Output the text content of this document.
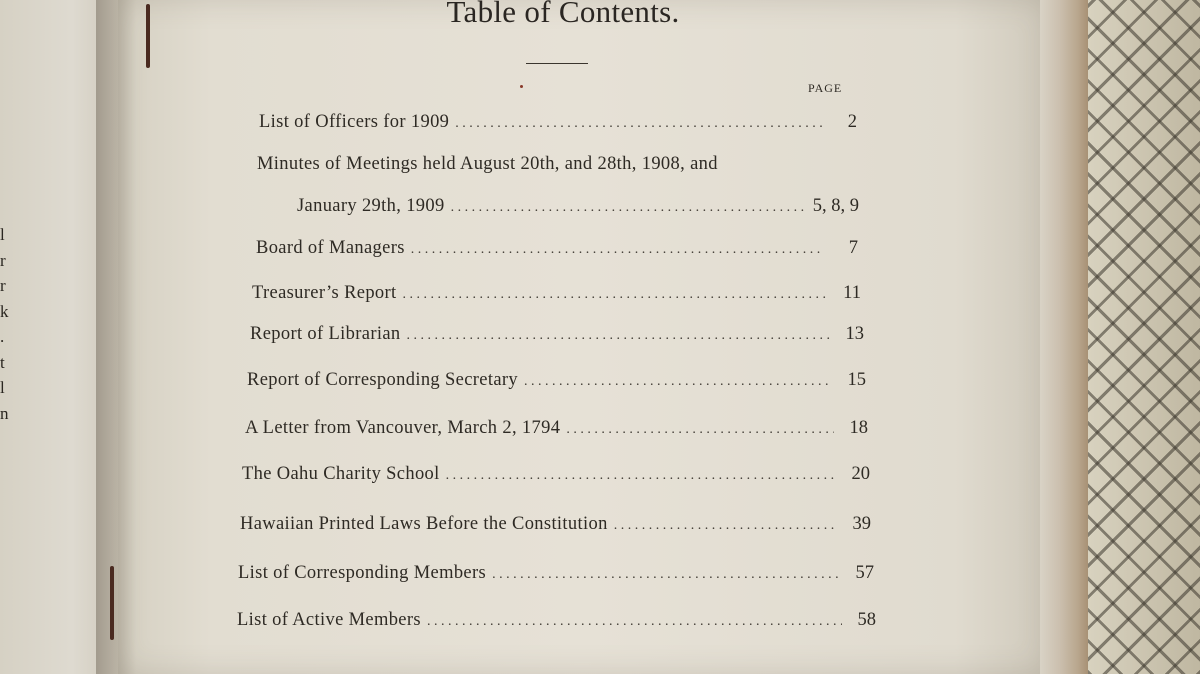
l
r
r
k
.
t
l
n
Table of Contents.
PAGE
List of Officers for 1909 . . .	2
Minutes of Meetings held August 20th, and 28th, 1908, and
January 29th, 1909 . . .	5, 8, 9
Board of Managers . . .	7
Treasurer’s Report . . .	11
Report of Librarian . . .	13
Report of Corresponding Secretary . . .	15
A Letter from Vancouver, March 2, 1794 . . .	18
The Oahu Charity School . . .	20
Hawaiian Printed Laws Before the Constitution . . .	39
List of Corresponding Members . . .	57
List of Active Members . . .	58
